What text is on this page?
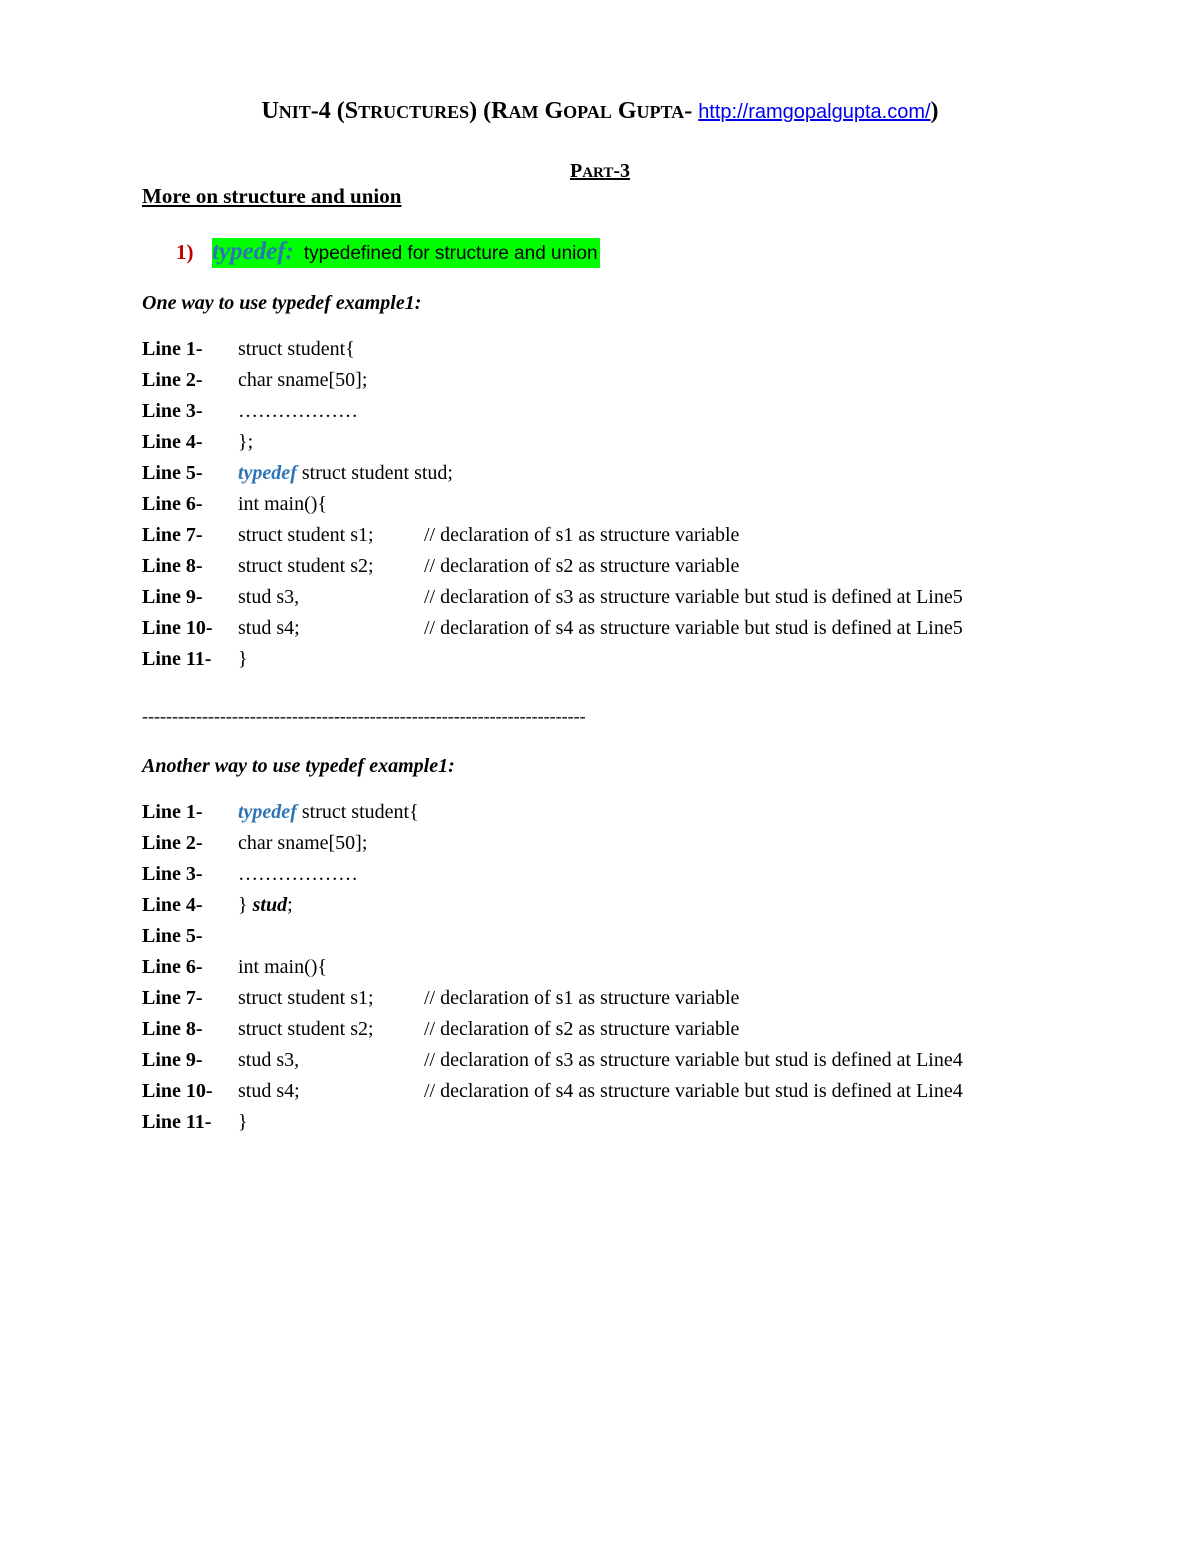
UNIT-4 (STRUCTURES) (RAM GOPAL GUPTA- http://ramgopalgupta.com/)
PART-3
More on structure and union
1) typedef: typedefined for structure and union
One way to use typedef example1:
Line 1-	struct student{
Line 2-	char sname[50];
Line 3-	………………
Line 4-	};
Line 5-	typedef struct student stud;
Line 6-	int main(){
Line 7-	struct student s1;	// declaration of s1 as structure variable
Line 8-	struct student s2;	// declaration of s2 as structure variable
Line 9-	stud s3,	// declaration of s3 as structure variable but stud is defined at Line5
Line 10-	stud s4;	// declaration of s4 as structure variable but stud is defined at Line5
Line 11-	}
--------------------------------------------------------------------------
Another way to use typedef example1:
Line 1-	typedef struct student{
Line 2-	char sname[50];
Line 3-	………………
Line 4-	} stud;
Line 5-
Line 6-	int main(){
Line 7-	struct student s1;	// declaration of s1 as structure variable
Line 8-	struct student s2;	// declaration of s2 as structure variable
Line 9-	stud s3,	// declaration of s3 as structure variable but stud is defined at Line4
Line 10-	stud s4;	// declaration of s4 as structure variable but stud is defined at Line4
Line 11-	}
